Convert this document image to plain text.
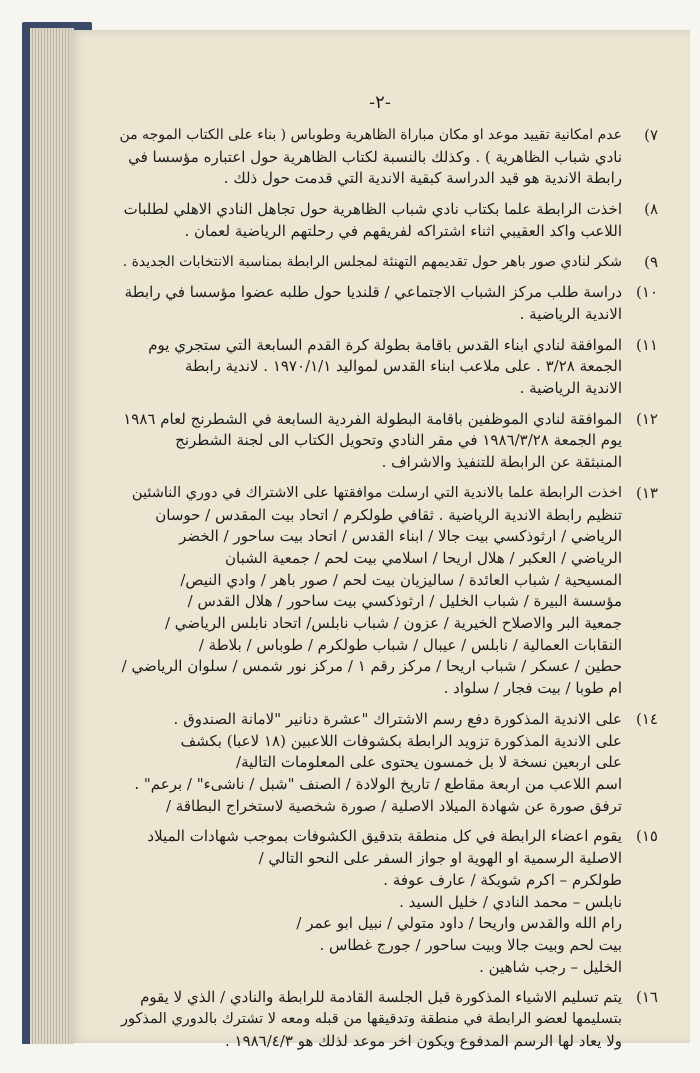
-٢-
٧)
عدم امكانية تقييد موعد او مكان مباراة الظاهرية وطوباس ( بناء على الكتاب الموجه من
نادي شباب الظاهرية ) . وكذلك بالنسبة لكتاب الظاهرية حول اعتباره مؤسسا في
رابطة الاندية هو قيد الدراسة كبقية الاندية التي قدمت حول ذلك .
٨)
اخذت الرابطة علما بكتاب نادي شباب الظاهرية حول تجاهل النادي الاهلي لطلبات
اللاعب واكد العقيبي اثناء اشتراكه لفريقهم في رحلتهم الرياضية لعمان .
٩)
شكر لنادي صور باهر حول تقديمهم التهنئة لمجلس الرابطة بمناسبة الانتخابات الجديدة .
١٠)
دراسة طلب مركز الشباب الاجتماعي / قلنديا حول طلبه عضوا مؤسسا في رابطة
الاندية الرياضية .
١١)
الموافقة لنادي ابناء القدس باقامة بطولة كرة القدم السابعة التي ستجري يوم
الجمعة ٣/٢٨ . على ملاعب ابناء القدس لمواليد ١٩٧٠/١/١ . لاندية رابطة
الاندية الرياضية .
١٢)
الموافقة لنادي الموظفين باقامة البطولة الفردية السابعة في الشطرنج لعام ١٩٨٦
يوم الجمعة ١٩٨٦/٣/٢٨ في مقر النادي وتحويل الكتاب الى لجنة الشطرنج
المنبثقة عن الرابطة للتنفيذ والاشراف .
١٣)
اخذت الرابطة علما بالاندية التي ارسلت موافقتها على الاشتراك في دوري الناشئين
تنظيم رابطة الاندية الرياضية . ثقافي طولكرم / اتحاد بيت المقدس / حوسان
الرياضي / ارثوذكسي بيت جالا / ابناء القدس / اتحاد بيت ساحور / الخضر
الرياضي / العكبر / هلال اريحا / اسلامي بيت لحم / جمعية الشبان
المسيحية / شباب العائدة / ساليزيان بيت لحم / صور باهر / وادي النيص/
مؤسسة البيرة / شباب الخليل / ارثوذكسي بيت ساحور / هلال القدس /
جمعية البر والاصلاح الخيرية / عزون / شباب نابلس/ اتحاد نابلس الرياضي /
النقابات العمالية / نابلس / عيبال / شباب طولكرم / طوباس / بلاطة /
حطين / عسكر / شباب اريحا / مركز رقم ١ / مركز نور شمس / سلوان الرياضي /
ام طوبا / بيت فجار / سلواد .
١٤)
على الاندية المذكورة دفع رسم الاشتراك "عشرة دنانير "لامانة الصندوق .
على الاندية المذكورة تزويد الرابطة بكشوفات اللاعبين (١٨ لاعبا) بكشف
على اربعين نسخة لا بل خمسون يحتوى على المعلومات التالية/
اسم اللاعب من اربعة مقاطع / تاريخ الولادة / الصنف "شبل / ناشىء" / برعم" .
ترفق صورة عن شهادة الميلاد الاصلية / صورة شخصية لاستخراج البطاقة /
١٥)
يقوم اعضاء الرابطة في كل منطقة بتدقيق الكشوفات بموجب شهادات الميلاد
الاصلية الرسمية او الهوية او جواز السفر على النحو التالي /
طولكرم – اكرم شويكة / عارف عوفة .
نابلس – محمد النادي / خليل السيد .
رام الله والقدس واريحا / داود متولي / نبيل ابو عمر /
بيت لحم وبيت جالا وبيت ساحور / جورج غطاس .
الخليل – رجب شاهين .
١٦)
يتم تسليم الاشياء المذكورة قبل الجلسة القادمة للرابطة والنادي / الذي لا يقوم
بتسليمها لعضو الرابطة في منطقة وتدقيقها من قبله ومعه لا تشترك بالدوري المذكور
ولا يعاد لها الرسم المدفوع ويكون اخر موعد لذلك هو ١٩٨٦/٤/٣ .
